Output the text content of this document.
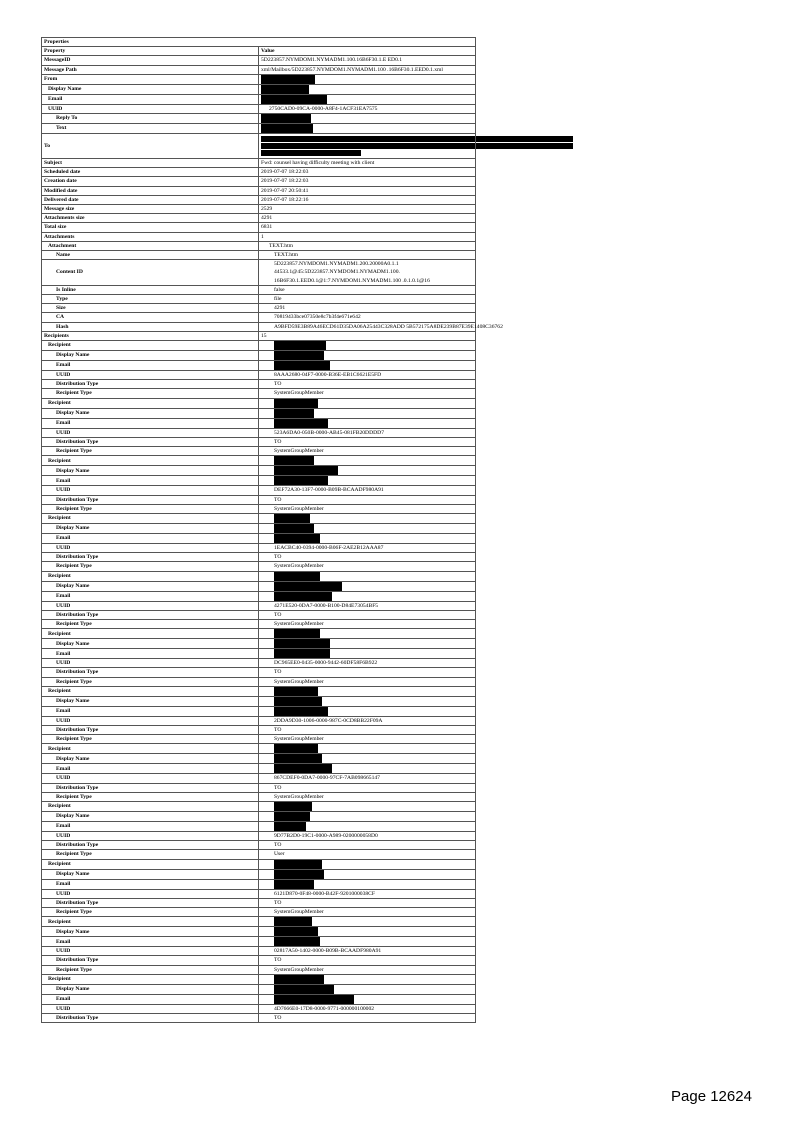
Properties	
Property	Value
MessageID	5D223857.NYMDOM1.NYMADM1.100.16B6F30.1.E ED0.1
Message Path	xml/Mailbox/5D223857.NYMDOM1.NYMADM1.100 .16B6F30.1.EED0.1.xml
From	
Display Name	
Email	
UUID	2750CAD0-09CA-0000-A8F4-1ACF31EA7575
Reply To	
Text	
To	

Subject	Fwd: counsel having difficulty meeting with client
Scheduled date	2019-07-07 18:22:03
Creation date	2019-07-07 18:22:03
Modified date	2019-07-07 20:50:41
Delivered date	2019-07-07 18:22:16
Message size	2529
Attachments size	4291
Total size	6831
Attachments	1
Attachment	TEXT.htm
Name	TEXT.htm
Content ID	5D223857.NYMDOM1.NYMADM1.200.20000A0.1.1 44533.1@45:5D223857.NYMDOM1.NYMADM1.100. 16B6F30.1.EED0.1@1:7.NYMDOM1.NYMADM1.100 .0.1.0.1@16
Is Inline	false
Type	file
Size	4291
CA	70819433bce07350e8c7b3f4e671e642
Hash	A9BFD59E3B89A46ECD61D35DA06A25443C328ADD 5B572175A8DE239B87E39E1408C36762
Recipients	15
Recipient	
Display Name	
Email	
UUID	8AAA2680-04F7-0000-B36E-EB1C6621E5FD
Distribution Type	TO
Recipient Type	SystemGroupMember
Recipient	
Display Name	
Email	
UUID	523A6DA0-050B-0000-AB45-081FB20DDDD7
Distribution Type	TO
Recipient Type	SystemGroupMember
Recipient	
Display Name	
Email	
UUID	DEF72A30-13F7-0000-B09B-BCAADF980A91
Distribution Type	TO
Recipient Type	SystemGroupMember
Recipient	
Display Name	
Email	
UUID	1EACBC40-0394-0000-B06F-2AE2B12AAA87
Distribution Type	TO
Recipient Type	SystemGroupMember
Recipient	
Display Name	
Email	
UUID	4271E520-0DA7-0000-B100-D84E73054BF5
Distribution Type	TO
Recipient Type	SystemGroupMember
Recipient	
Display Name	
Email	
UUID	DC965EE0-0435-0000-9442-60DF58F6B922
Distribution Type	TO
Recipient Type	SystemGroupMember
Recipient	
Display Name	
Email	
UUID	2DDA9D30-1006-0000-987C-0CD8BB22F09A
Distribution Type	TO
Recipient Type	SystemGroupMember
Recipient	
Display Name	
Email	
UUID	867CDEF0-0DA7-0000-97CF-7AB098665147
Distribution Type	TO
Recipient Type	SystemGroupMember
Recipient	
Display Name	
Email	
UUID	9D77B2D0-19C1-0000-A989-0200000058D0
Distribution Type	TO
Recipient Type	User
Recipient	
Display Name	
Email	
UUID	6121D870-0F48-0000-B42F-9201000038CF
Distribution Type	TO
Recipient Type	SystemGroupMember
Recipient	
Display Name	
Email	
UUID	02817A50-1402-0000-B09B-BCAADF980A91
Distribution Type	TO
Recipient Type	SystemGroupMember
Recipient	
Display Name	
Email	
UUID	4D7666E0-17D8-0000-9771-000000100002
Distribution Type	TO
Page 12624
